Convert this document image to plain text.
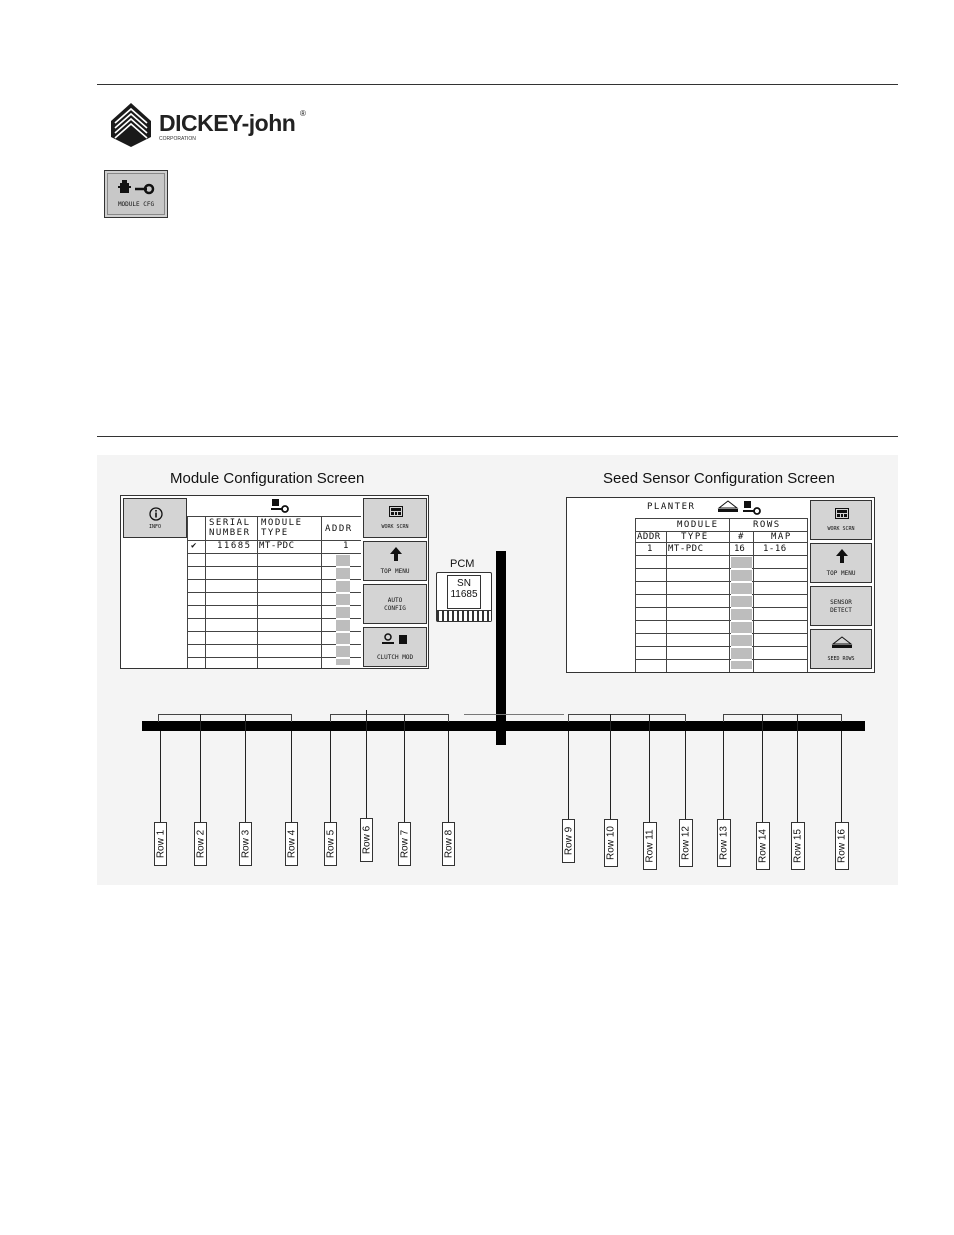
DICKEY-john ®
CORPORATION
MODULE CFG
Module Configuration Screen	Seed Sensor Configuration Screen
INFO	SERIAL
NUMBER
MODULE
TYPE	ADDR
✔ 11685 MT-PDC	1
WORK SCRN
TOP MENU
AUTO
CONFIG
CLUTCH MOD
PLANTER
MODULE	ROWS
ADDR TYPE	#	MAP
1 MT-PDC	16 1-16
WORK SCRN
TOP MENU
SENSOR
DETECT
SEED ROWS
PCM
SN
11685
Row 1	Row 2	Row 3	Row 4	Row 5	Row 6	Row 7	Row 8	Row 9	Row 10	Row 11	Row 12	Row 13	Row 14 Row 15	Row 16
